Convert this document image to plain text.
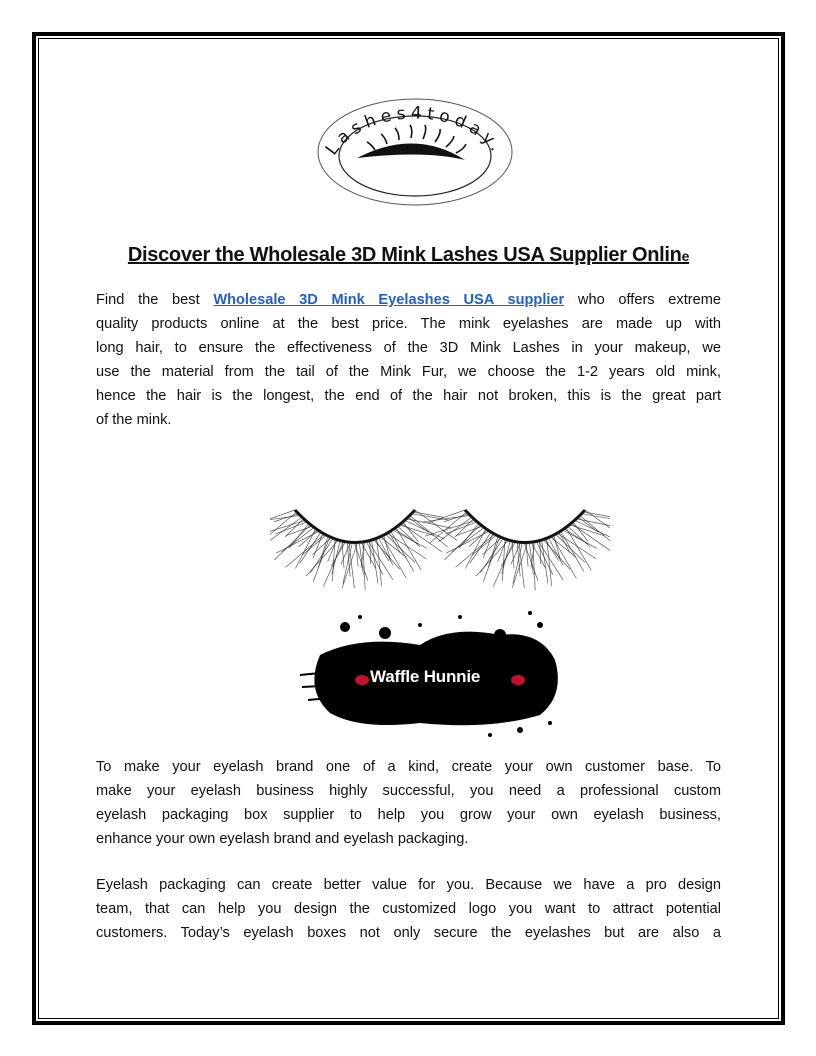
Lashes4today.
Discover the Wholesale 3D Mink Lashes USA Supplier Online
Find the best Wholesale 3D Mink Eyelashes USA supplier who offers extreme
quality products online at the best price. The mink eyelashes are made up with
long hair, to ensure the effectiveness of the 3D Mink Lashes in your makeup, we
use the material from the tail of the Mink Fur, we choose the 1-2 years old mink,
hence the hair is the longest, the end of the hair not broken, this is the great part
of the mink.
Waffle Hunnie
To make your eyelash brand one of a kind, create your own customer base. To
make your eyelash business highly successful, you need a professional custom
eyelash packaging box supplier to help you grow your own eyelash business,
enhance your own eyelash brand and eyelash packaging.
Eyelash packaging can create better value for you. Because we have a pro design
team, that can help you design the customized logo you want to attract potential
customers. Today’s eyelash boxes not only secure the eyelashes but are also a
